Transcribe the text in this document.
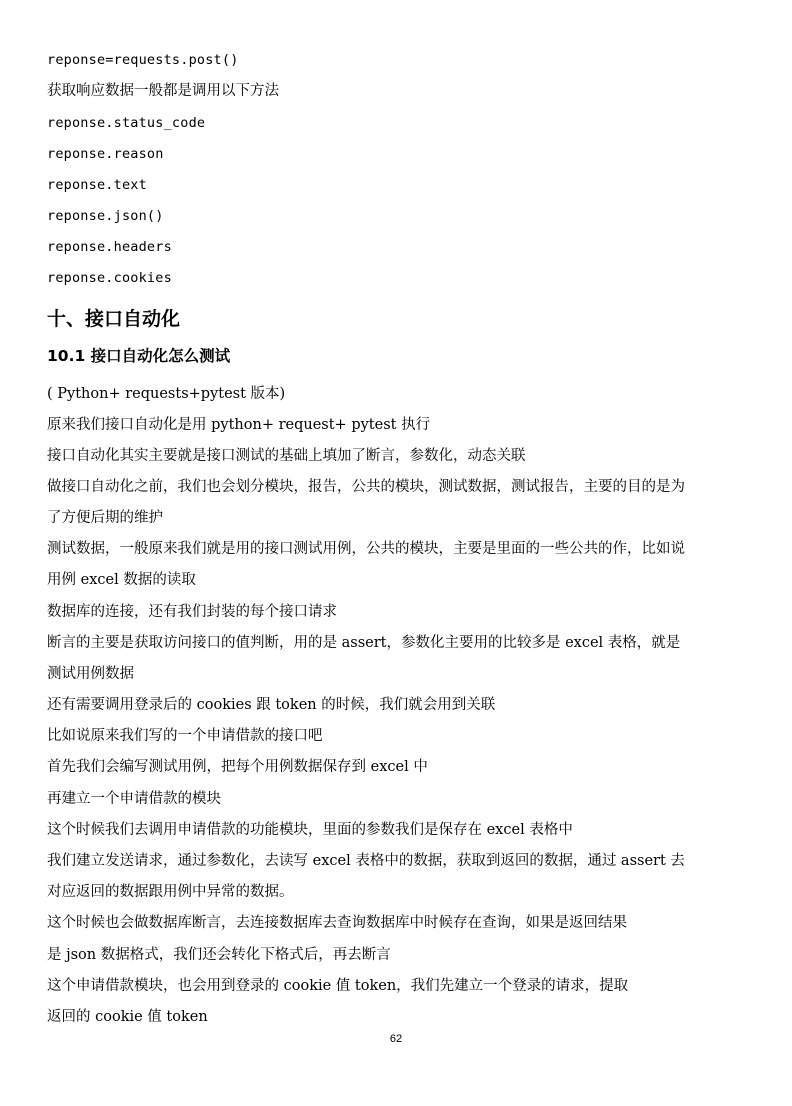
reponse=requests.post()
获取响应数据一般都是调用以下方法
reponse.status_code
reponse.reason
reponse.text
reponse.json()
reponse.headers
reponse.cookies
十、接口自动化
10.1 接口自动化怎么测试
( Python+ requests+pytest 版本)
原来我们接口自动化是用 python+ request+ pytest 执行
接口自动化其实主要就是接口测试的基础上填加了断言，参数化，动态关联
做接口自动化之前，我们也会划分模块，报告，公共的模块，测试数据，测试报告，主要的目的是为
了方便后期的维护
测试数据，一般原来我们就是用的接口测试用例，公共的模块，主要是里面的一些公共的作，比如说
用例 excel 数据的读取
数据库的连接，还有我们封装的每个接口请求
断言的主要是获取访问接口的值判断，用的是 assert，参数化主要用的比较多是 excel 表格，就是
测试用例数据
还有需要调用登录后的 cookies 跟 token 的时候，我们就会用到关联
比如说原来我们写的一个申请借款的接口吧
首先我们会编写测试用例，把每个用例数据保存到 excel 中
再建立一个申请借款的模块
这个时候我们去调用申请借款的功能模块，里面的参数我们是保存在 excel 表格中
我们建立发送请求，通过参数化，去读写 excel 表格中的数据，获取到返回的数据，通过 assert 去
对应返回的数据跟用例中异常的数据。
这个时候也会做数据库断言，去连接数据库去查询数据库中时候存在查询，如果是返回结果
是 json 数据格式，我们还会转化下格式后，再去断言
这个申请借款模块，也会用到登录的 cookie 值 token，我们先建立一个登录的请求，提取
返回的 cookie 值 token
62
